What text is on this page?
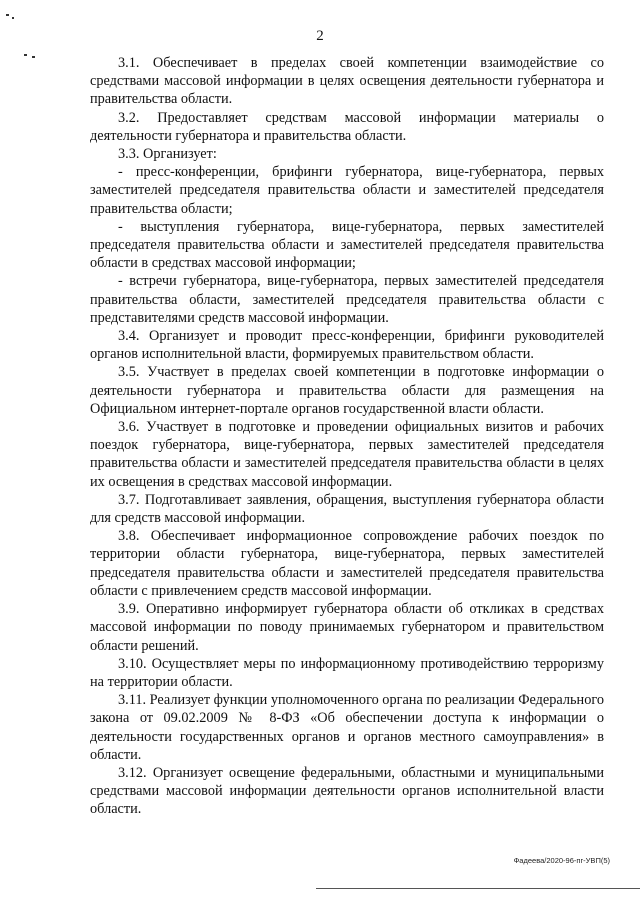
2

3.1. Обеспечивает в пределах своей компетенции взаимодействие со средствами массовой информации в целях освещения деятельности губернатора и правительства области.

3.2. Предоставляет средствам массовой информации материалы о деятельности губернатора и правительства области.

3.3. Организует:

- пресс-конференции, брифинги губернатора, вице-губернатора, первых заместителей председателя правительства области и заместителей председателя правительства области;

- выступления губернатора, вице-губернатора, первых заместителей председателя правительства области и заместителей председателя правительства области в средствах массовой информации;

- встречи губернатора, вице-губернатора, первых заместителей председателя правительства области, заместителей председателя правительства области с представителями средств массовой информации.

3.4. Организует и проводит пресс-конференции, брифинги руководителей органов исполнительной власти, формируемых правительством области.

3.5. Участвует в пределах своей компетенции в подготовке информации о деятельности губернатора и правительства области для размещения на Официальном интернет-портале органов государственной власти области.

3.6. Участвует в подготовке и проведении официальных визитов и рабочих поездок губернатора, вице-губернатора, первых заместителей председателя правительства области и заместителей председателя правительства области в целях их освещения в средствах массовой информации.

3.7. Подготавливает заявления, обращения, выступления губернатора области для средств массовой информации.

3.8. Обеспечивает информационное сопровождение рабочих поездок по территории области губернатора, вице-губернатора, первых заместителей председателя правительства области и заместителей председателя правительства области с привлечением средств массовой информации.

3.9. Оперативно информирует губернатора области об откликах в средствах массовой информации по поводу принимаемых губернатором и правительством области решений.

3.10. Осуществляет меры по информационному противодействию терроризму на территории области.

3.11. Реализует функции уполномоченного органа по реализации Федерального закона от 09.02.2009 № 8-ФЗ «Об обеспечении доступа к информации о деятельности государственных органов и органов местного самоуправления» в области.

3.12. Организует освещение федеральными, областными и муниципальными средствами массовой информации деятельности органов исполнительной власти области.

Фадеева/2020-96-пг-УВП(5)
